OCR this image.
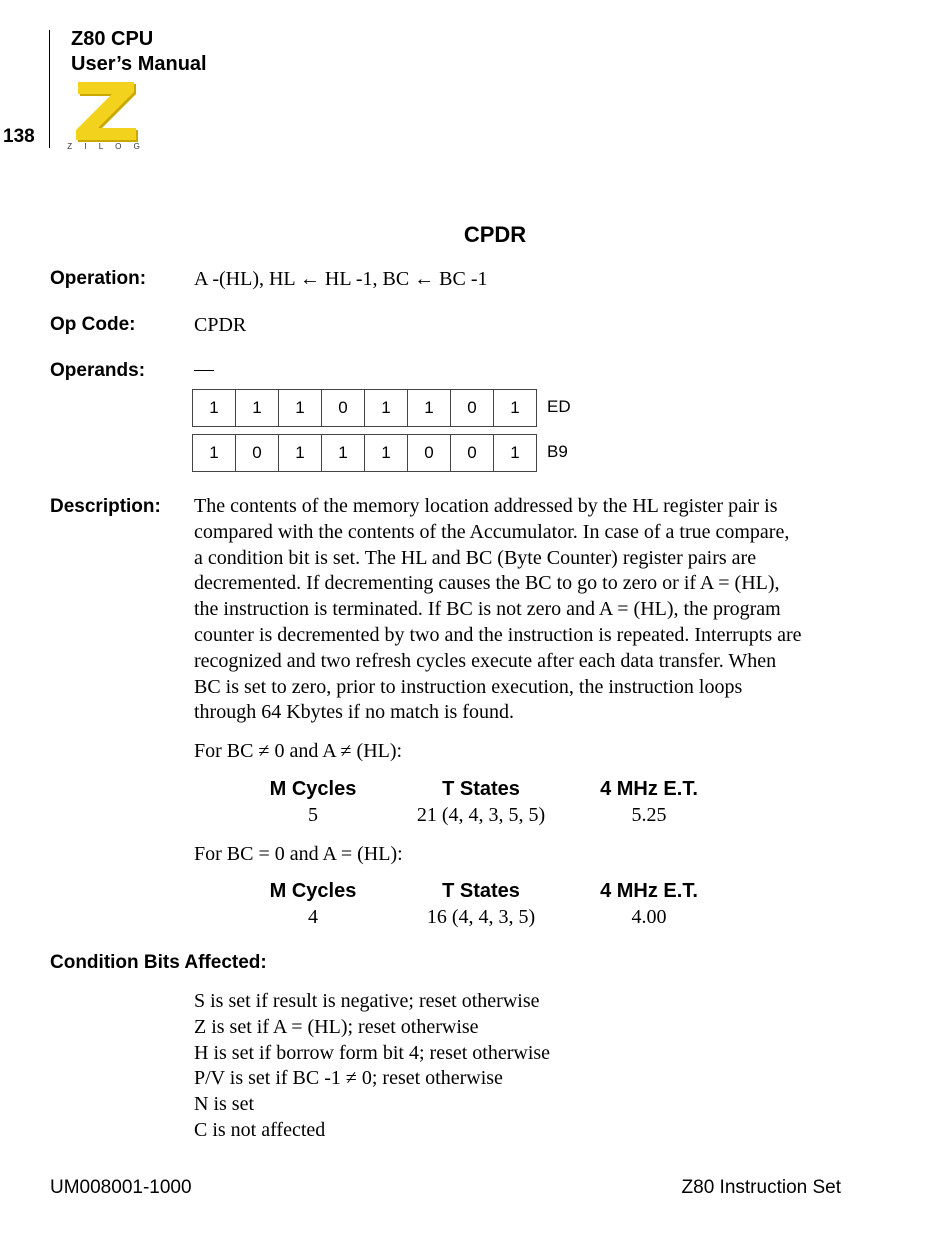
Z80 CPU
User’s Manual
138	Z I L O G
CPDR
Operation: A -(HL), HL ← HL -1, BC ← BC -1
Op Code:	CPDR
Operands: —
1	1	1	0	1	1	0	1	ED
1	0	1	1	1	0	0	1	B9
Description: The contents of the memory location addressed by the HL register pair is

compared with the contents of the Accumulator. In case of a true compare,

a condition bit is set. The HL and BC (Byte Counter) register pairs are

decremented. If decrementing causes the BC to go to zero or if A = (HL),

the instruction is terminated. If BC is not zero and A = (HL), the program

counter is decremented by two and the instruction is repeated. Interrupts are

recognized and two refresh cycles execute after each data transfer. When

BC is set to zero, prior to instruction execution, the instruction loops

through 64 Kbytes if no match is found.

For BC ≠ 0 and A ≠ (HL):
M Cycles	T States	4 MHz E.T.
5	21 (4, 4, 3, 5, 5)	5.25
For BC = 0 and A = (HL):
M Cycles	T States	4 MHz E.T.
4	16 (4, 4, 3, 5)	4.00
Condition Bits Affected:
S is set if result is negative; reset otherwise
Z is set if A = (HL); reset otherwise
H is set if borrow form bit 4; reset otherwise
P/V is set if BC -1 ≠ 0; reset otherwise
N is set
C is not affected
UM008001-1000	Z80 Instruction Set
